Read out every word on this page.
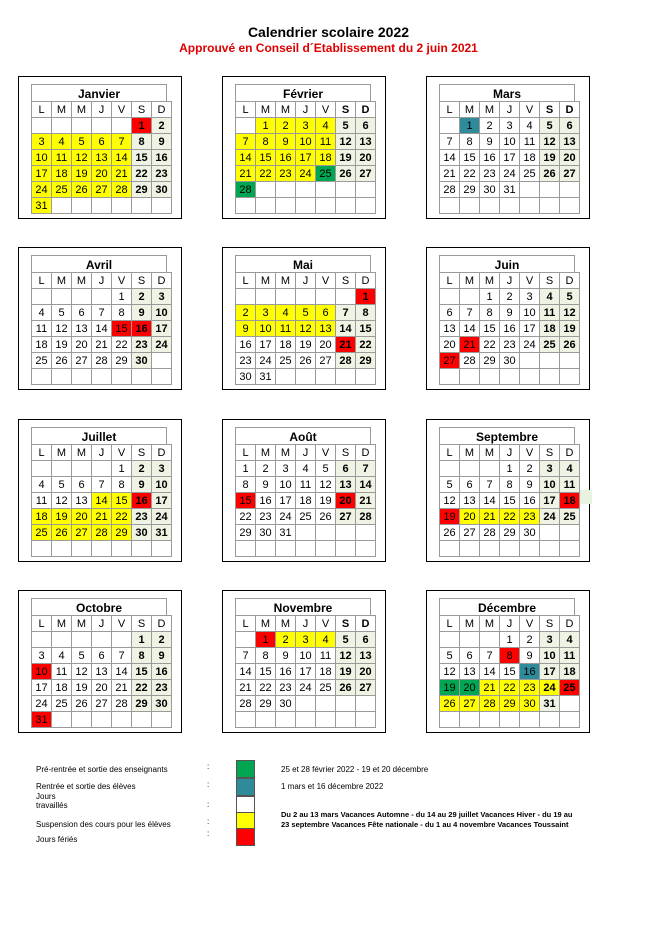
Calendrier scolaire 2022
Approuvé en Conseil d´Etablissement du 2 juin 2021
Janvier
L	M	M	J	V	S	D
					1	2
3	4	5	6	7	8	9
10	11	12	13	14	15	16
17	18	19	20	21	22	23
24	25	26	27	28	29	30
31						
Février
L	M	M	J	V	S	D
	1	2	3	4	5	6
7	8	9	10	11	12	13
14	15	16	17	18	19	20
21	22	23	24	25	26	27
28						

Mars
L	M	M	J	V	S	D
	1	2	3	4	5	6
7	8	9	10	11	12	13
14	15	16	17	18	19	20
21	22	23	24	25	26	27
28	29	30	31			

Avril
L	M	M	J	V	S	D
				1	2	3
4	5	6	7	8	9	10
11	12	13	14	15	16	17
18	19	20	21	22	23	24
25	26	27	28	29	30	

Mai
L	M	M	J	V	S	D
						1
2	3	4	5	6	7	8
9	10	11	12	13	14	15
16	17	18	19	20	21	22
23	24	25	26	27	28	29
30	31					
Juin
L	M	M	J	V	S	D
		1	2	3	4	5
6	7	8	9	10	11	12
13	14	15	16	17	18	19
20	21	22	23	24	25	26
27	28	29	30			

Juillet
L	M	M	J	V	S	D
				1	2	3
4	5	6	7	8	9	10
11	12	13	14	15	16	17
18	19	20	21	22	23	24
25	26	27	28	29	30	31

Août
L	M	M	J	V	S	D
1	2	3	4	5	6	7
8	9	10	11	12	13	14
15	16	17	18	19	20	21
22	23	24	25	26	27	28
29	30	31				

Septembre
L	M	M	J	V	S	D
			1	2	3	4
5	6	7	8	9	10	11
12	13	14	15	16	17	18
19	20	21	22	23	24	25
26	27	28	29	30		

Octobre
L	M	M	J	V	S	D
					1	2
3	4	5	6	7	8	9
10	11	12	13	14	15	16
17	18	19	20	21	22	23
24	25	26	27	28	29	30
31						
Novembre
L	M	M	J	V	S	D
	1	2	3	4	5	6
7	8	9	10	11	12	13
14	15	16	17	18	19	20
21	22	23	24	25	26	27
28	29	30				

Décembre
L	M	M	J	V	S	D
			1	2	3	4
5	6	7	8	9	10	11
12	13	14	15	16	17	18
19	20	21	22	23	24	25
26	27	28	29	30	31	

Pré-rentrée et sortie des enseignants
Rentrée et sortie des élèves
Jours
travaillés
Suspension des cours pour les élèves
Jours fériés
:
:
:
:
:
25 et 28 février 2022 - 19 et 20 décembre
1 mars et 16 décembre 2022
Du 2 au 13 mars Vacances Automne - du 14 au 29 juillet Vacances Hiver - du 19 au 23 septembre Vacances Fête nationale - du 1 au 4 novembre Vacances Toussaint
